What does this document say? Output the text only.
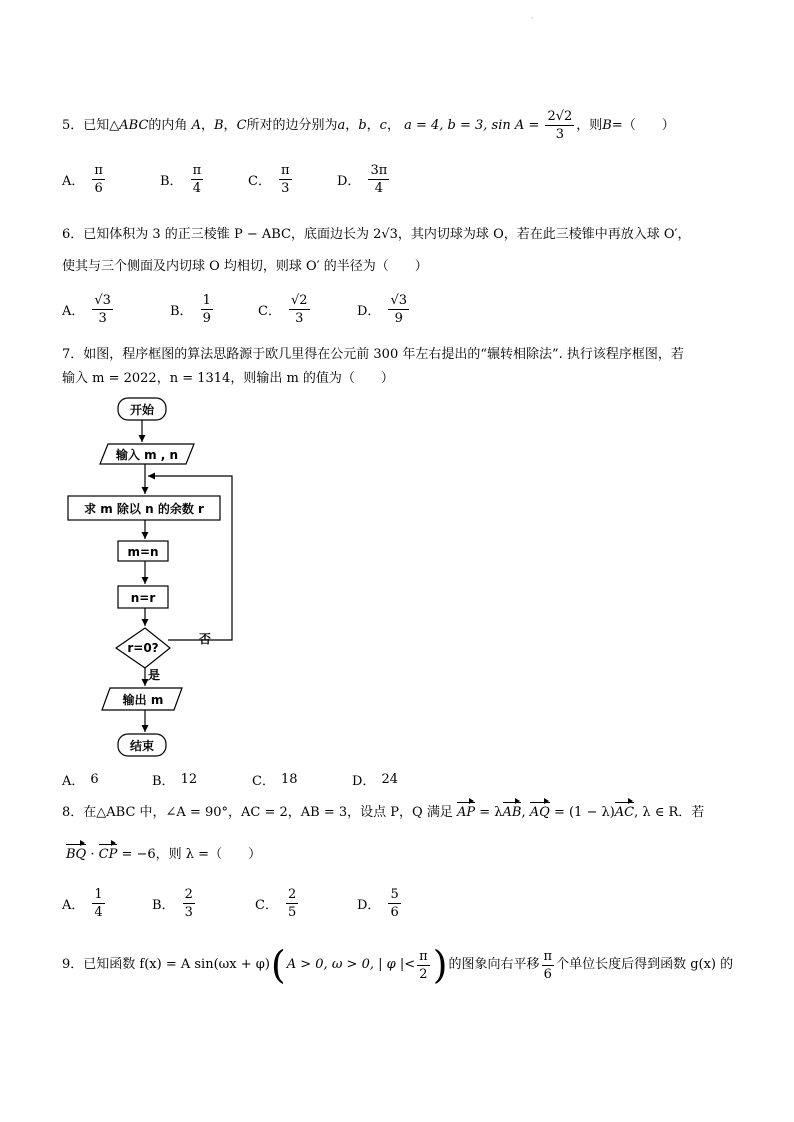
·
5．已知△ABC的内角 A，B，C所对的边分别为a，b，c， a = 4, b = 3, $\sin A = \frac{2√2}{3}$ ，则B=（　　）
A． $\frac{\pi}{6}$	B． $\frac{\pi}{4}$	C． $\frac{\pi}{3}$	D． $\frac{3\pi}{4}$
6．已知体积为 3 的正三棱锥 P − ABC，底面边长为 2√3，其内切球为球 O，若在此三棱锥中再放入球 O′，
使其与三个侧面及内切球 O 均相切，则球 O′ 的半径为（　　）
A． $\frac{√3}{3}$	B． $\frac{1}{9}$	C． $\frac{√2}{3}$	D． $\frac{√3}{9}$
7．如图，程序框图的算法思路源于欧几里得在公元前 300 年左右提出的“辗转相除法”. 执行该程序框图，若
输入 m = 2022，n = 1314，则输出 m 的值为（　　）
开始
输入 m , n
求 m 除以 n 的余数 r
m=n
n=r
r=0?
否
是
输出 m
结束
A． 6	B． 12	C． 18	D． 24
8．在△ABC 中，∠A = 90°，AC = 2，AB = 3，设点 P，Q 满足 AP = λAB, AQ = (1 − λ)AC, λ ∈ R．若
BQ · CP = −6，则 λ =（　　）
A． $\frac{1}{4}$	B． $\frac{2}{3}$	C． $\frac{2}{5}$	D． $\frac{5}{6}$
9．已知函数 f(x) = A sin(ωx + φ) ( A > 0, ω > 0, | φ |< $\frac{\pi}{2}$ ) 的图象向右平移 $\frac{\pi}{6}$ 个单位长度后得到函数 g(x) 的
